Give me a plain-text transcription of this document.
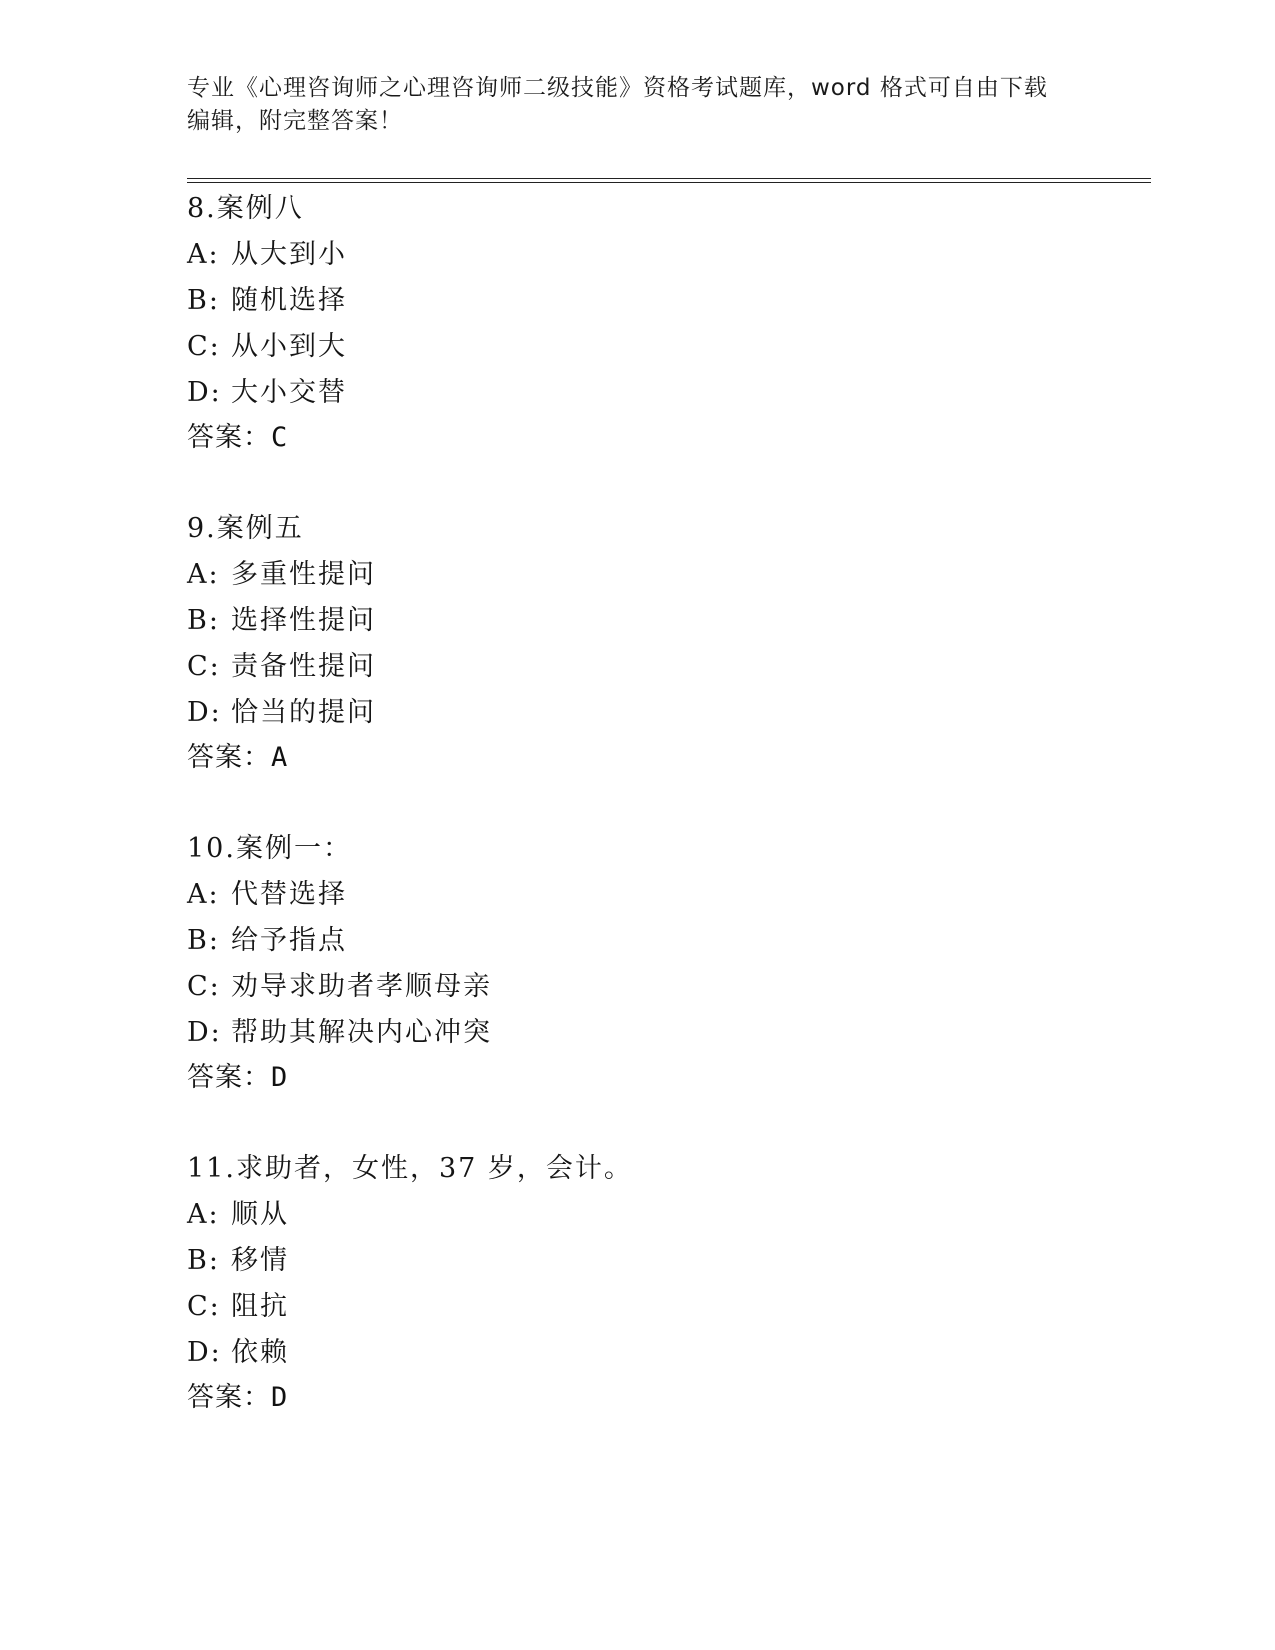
专业《心理咨询师之心理咨询师二级技能》资格考试题库，word 格式可自由下载
编辑，附完整答案！
8.案例八
A: 从大到小
B: 随机选择
C: 从小到大
D: 大小交替
答案：C
9.案例五
A: 多重性提问
B: 选择性提问
C: 责备性提问
D: 恰当的提问
答案：A
10.案例一：
A: 代替选择
B: 给予指点
C: 劝导求助者孝顺母亲
D: 帮助其解决内心冲突
答案：D
11.求助者，女性，37 岁，会计。
A: 顺从
B: 移情
C: 阻抗
D: 依赖
答案：D
